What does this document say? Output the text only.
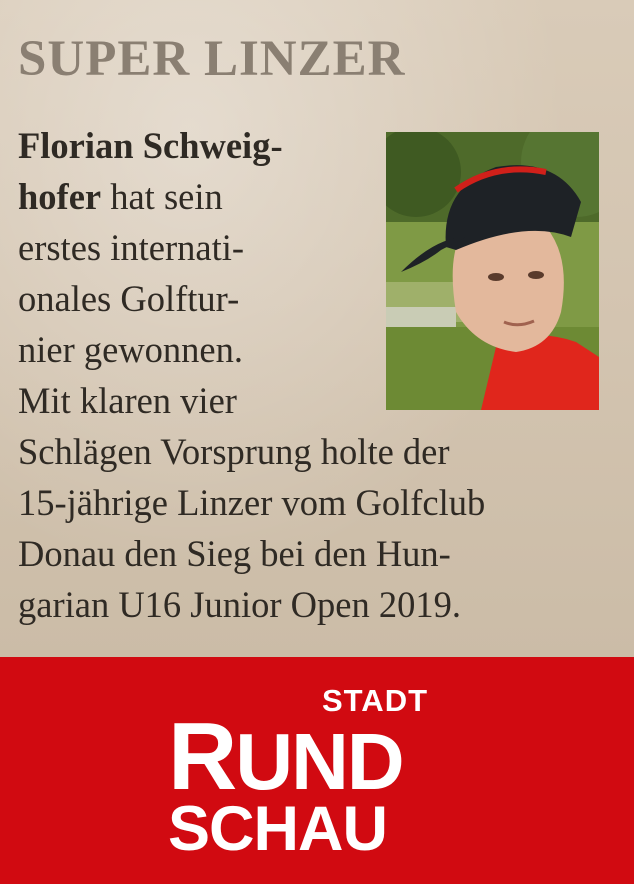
SUPER LINZER

Florian Schweig-
hofer hat sein
erstes internati-
onales Golftur-
nier gewonnen.
Mit klaren vier
Schlägen Vorsprung holte der
15-jährige Linzer vom Golfclub
Donau den Sieg bei den Hun-
garian U16 Junior Open 2019.

STADT
RUND
SCHAU
